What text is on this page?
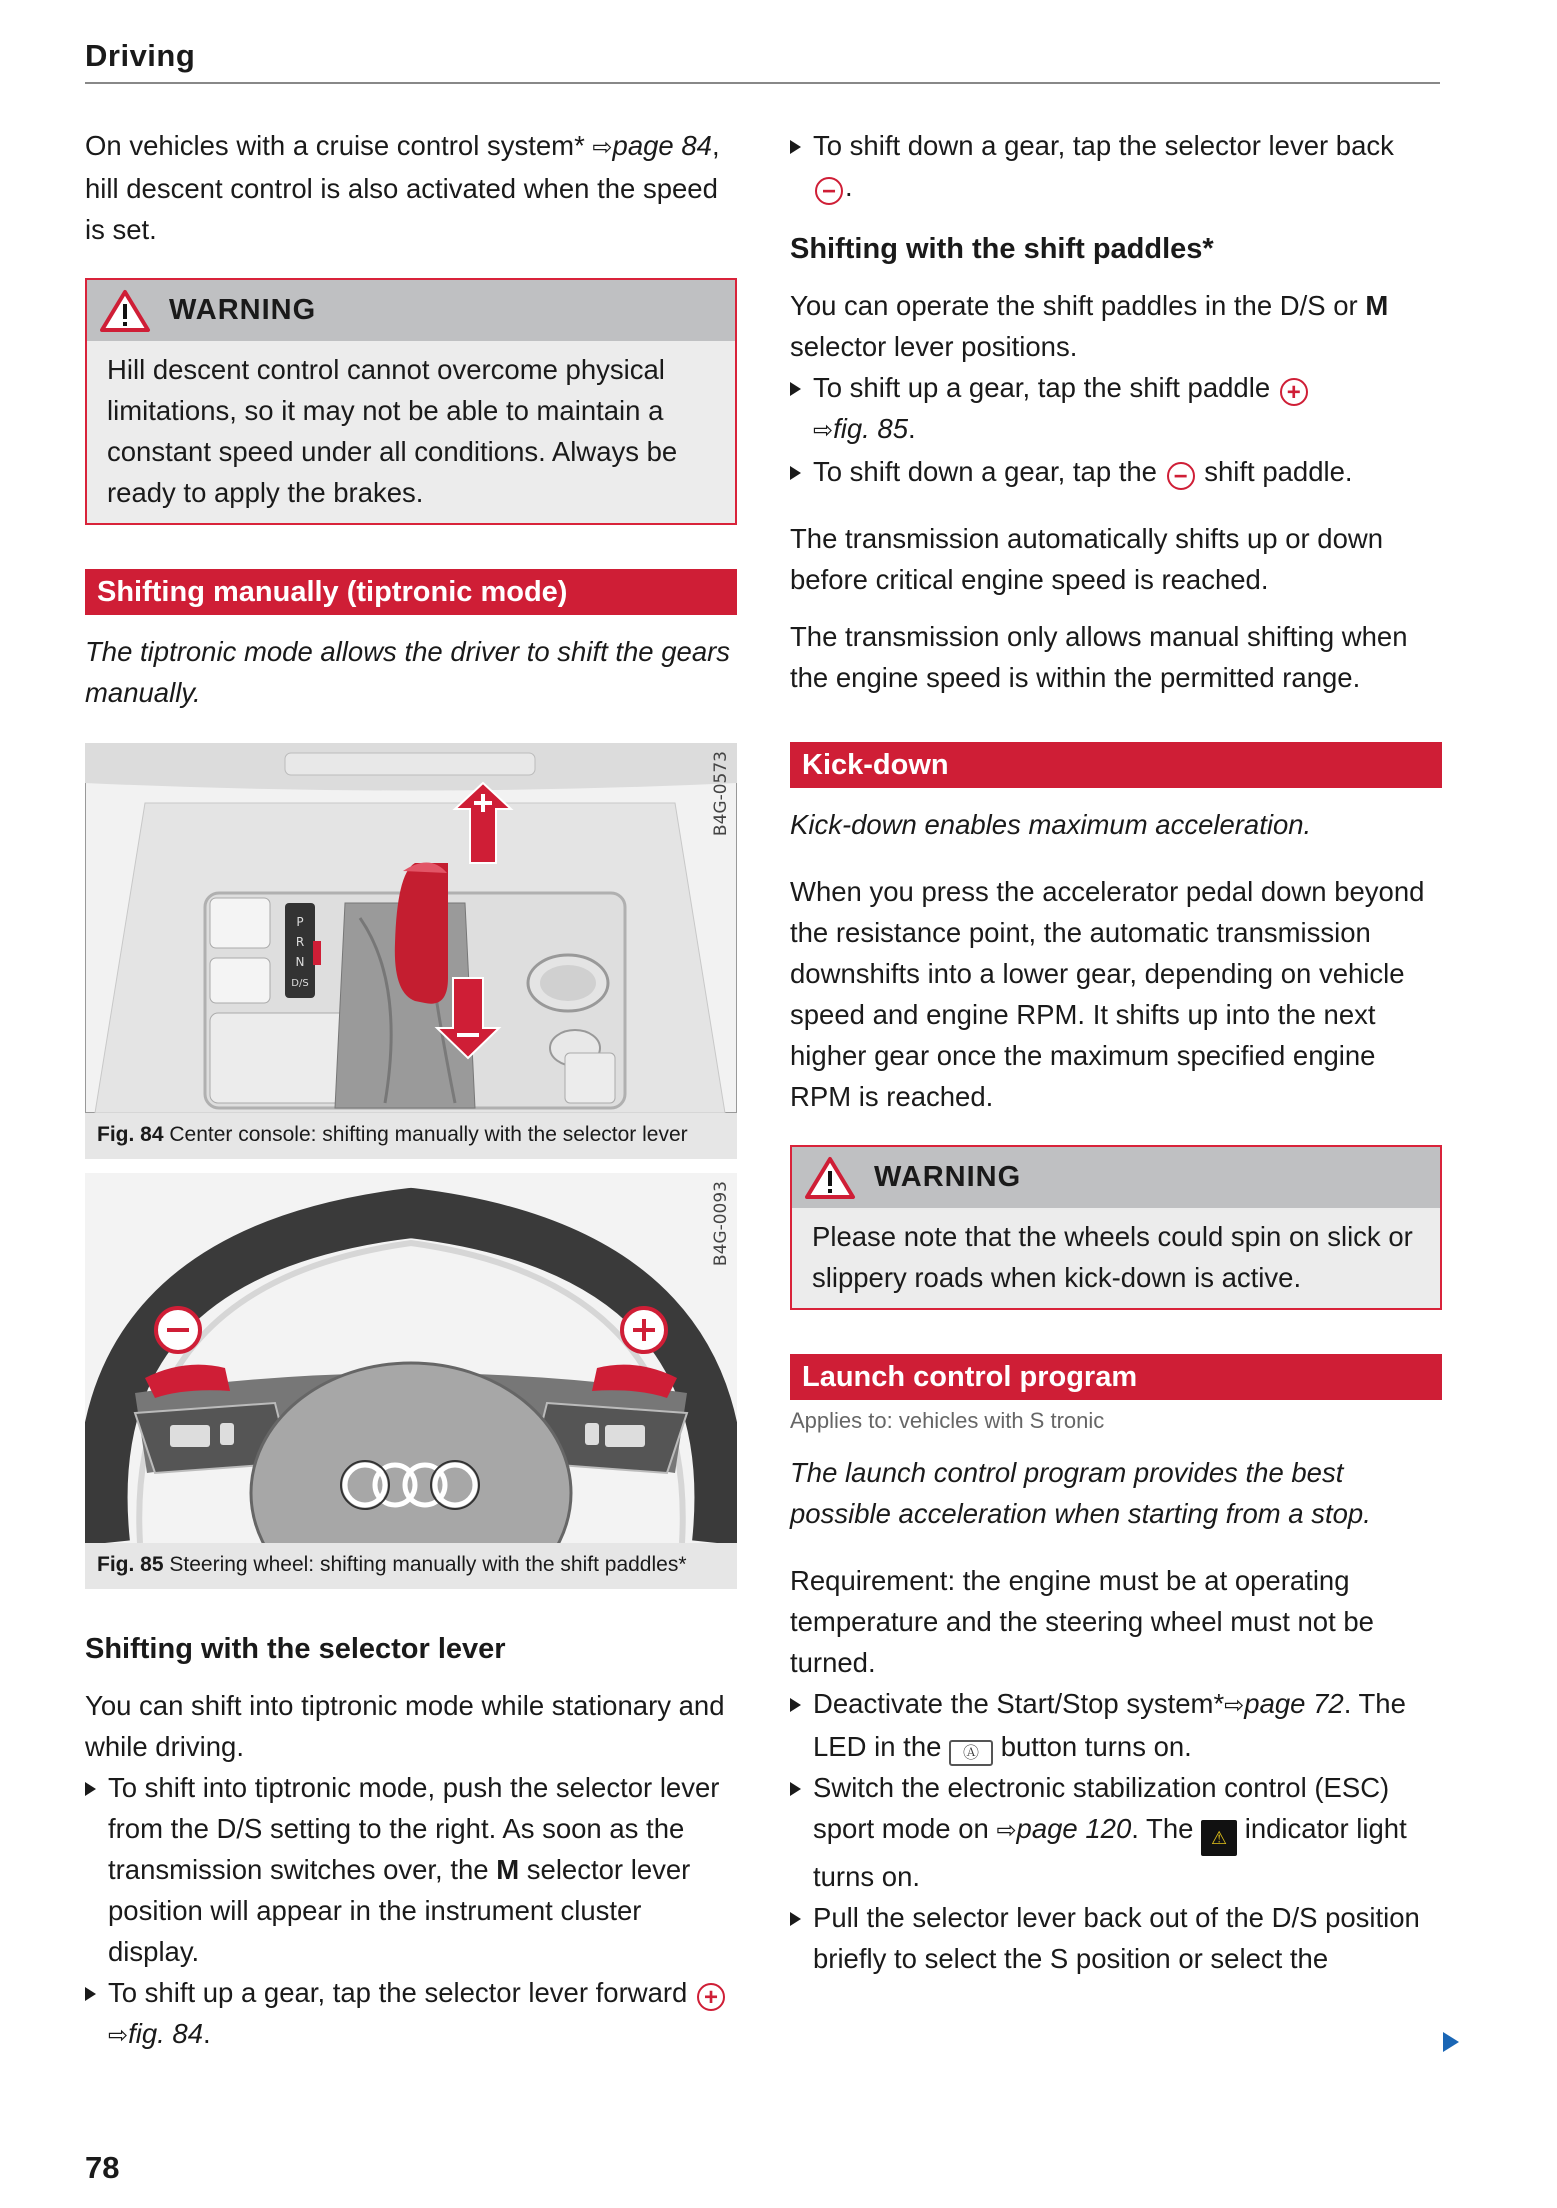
Driving

On vehicles with a cruise control system* ⇨page 84, hill descent control is also activated when the speed is set.

WARNING

Hill descent control cannot overcome physical limitations, so it may not be able to maintain a constant speed under all conditions. Always be ready to apply the brakes.

Shifting manually (tiptronic mode)

The tiptronic mode allows the driver to shift the gears manually.

P
R
N
D/S
B4G-0573
Fig. 84 Center console: shifting manually with the selector lever
B4G-0093
Fig. 85 Steering wheel: shifting manually with the shift paddles*
Shifting with the selector lever

You can shift into tiptronic mode while stationary and while driving.

To shift into tiptronic mode, push the selector lever from the D/S setting to the right. As soon as the transmission switches over, the M selector lever position will appear in the instrument cluster display.
To shift up a gear, tap the selector lever forward + ⇨fig. 84.
To shift down a gear, tap the selector lever back
− .
Shifting with the shift paddles*

You can operate the shift paddles in the D/S or M selector lever positions.

To shift up a gear, tap the shift paddle +
⇨fig. 85.
To shift down a gear, tap the − shift paddle.

The transmission automatically shifts up or down before critical engine speed is reached.

The transmission only allows manual shifting when the engine speed is within the permitted range.

Kick-down

Kick-down enables maximum acceleration.

When you press the accelerator pedal down beyond the resistance point, the automatic transmission downshifts into a lower gear, depending on vehicle speed and engine RPM. It shifts up into the next higher gear once the maximum specified engine RPM is reached.

WARNING

Please note that the wheels could spin on slick or slippery roads when kick-down is active.

Launch control program
Applies to: vehicles with S tronic

The launch control program provides the best possible acceleration when starting from a stop.

Requirement: the engine must be at operating temperature and the steering wheel must not be turned.

Deactivate the Start/Stop system*⇨page 72. The LED in the Ⓐ button turns on.
Switch the electronic stabilization control (ESC) sport mode on ⇨page 120. The ⚠ indicator light turns on.
Pull the selector lever back out of the D/S position briefly to select the S position or select the
78
